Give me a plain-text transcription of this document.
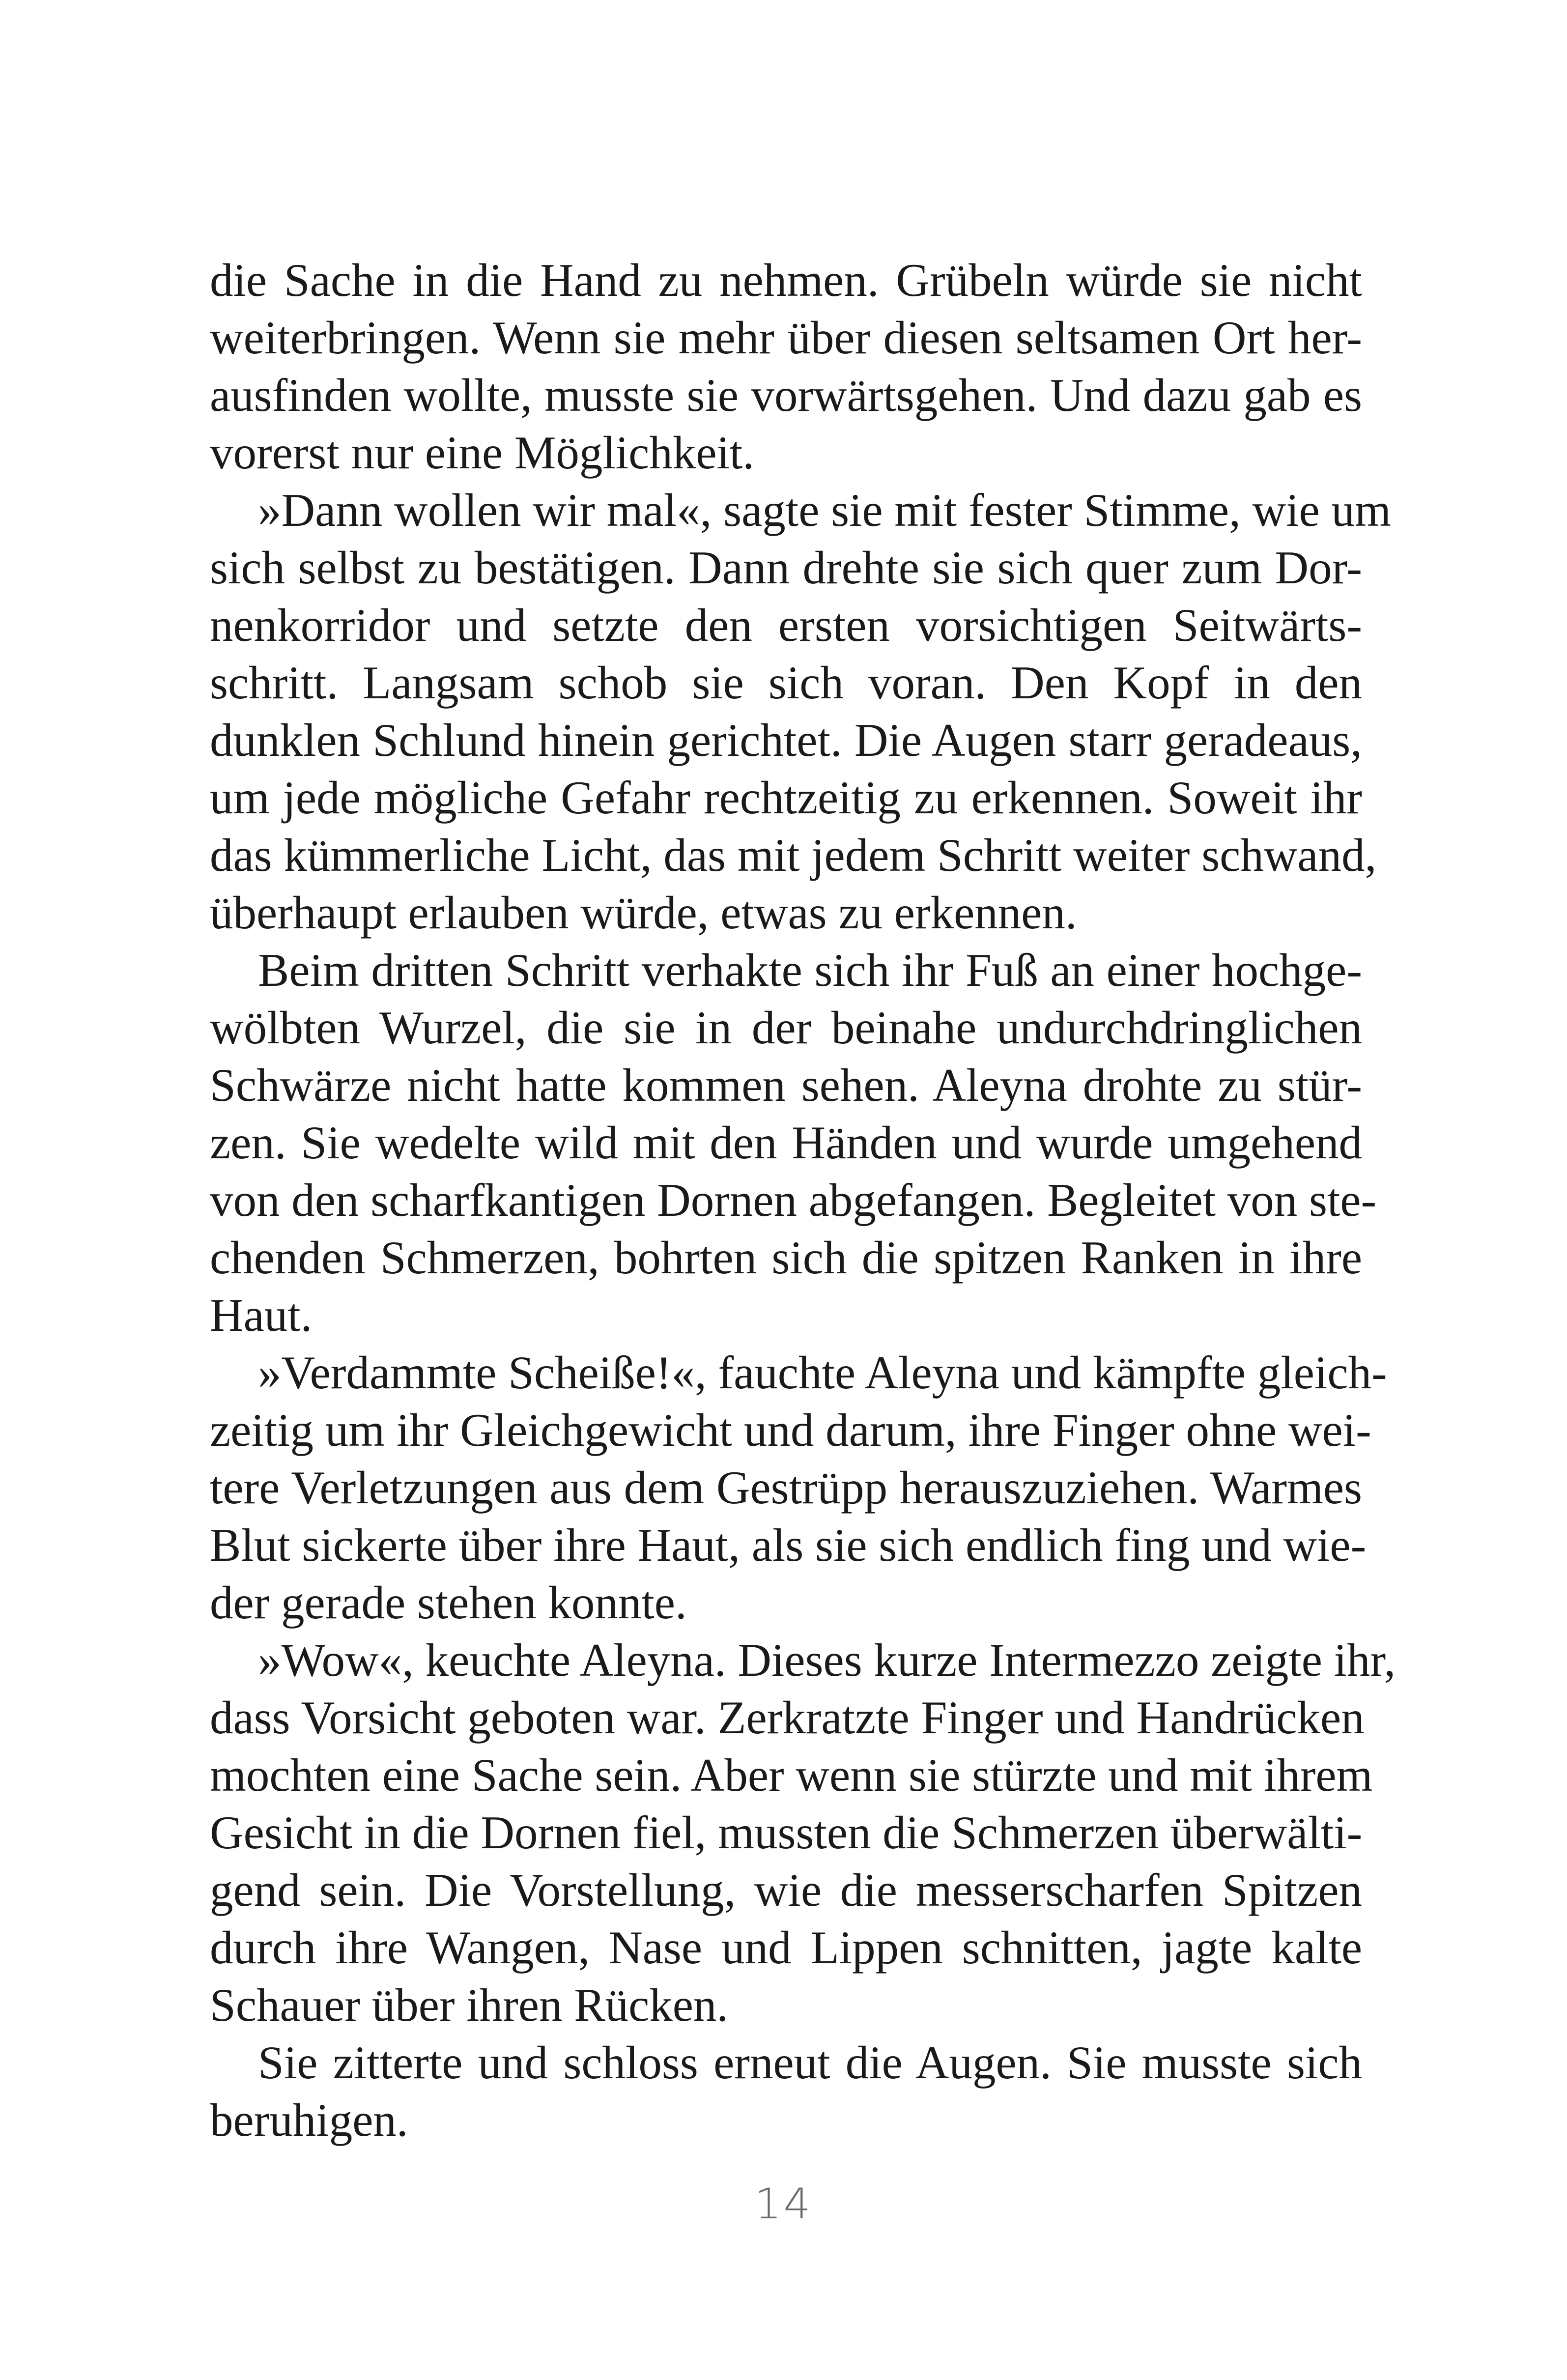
die Sache in die Hand zu nehmen. Grübeln würde sie nicht
weiterbringen. Wenn sie mehr über diesen seltsamen Ort her-
ausfinden wollte, musste sie vorwärtsgehen. Und dazu gab es
vorerst nur eine Möglichkeit.
»Dann wollen wir mal«, sagte sie mit fester Stimme, wie um
sich selbst zu bestätigen. Dann drehte sie sich quer zum Dor-
nenkorridor und setzte den ersten vorsichtigen Seitwärts-
schritt. Langsam schob sie sich voran. Den Kopf in den
dunklen Schlund hinein gerichtet. Die Augen starr geradeaus,
um jede mögliche Gefahr rechtzeitig zu erkennen. Soweit ihr
das kümmerliche Licht, das mit jedem Schritt weiter schwand,
überhaupt erlauben würde, etwas zu erkennen.
Beim dritten Schritt verhakte sich ihr Fuß an einer hochge-
wölbten Wurzel, die sie in der beinahe undurchdringlichen
Schwärze nicht hatte kommen sehen. Aleyna drohte zu stür-
zen. Sie wedelte wild mit den Händen und wurde umgehend
von den scharfkantigen Dornen abgefangen. Begleitet von ste-
chenden Schmerzen, bohrten sich die spitzen Ranken in ihre
Haut.
»Verdammte Scheiße!«, fauchte Aleyna und kämpfte gleich-
zeitig um ihr Gleichgewicht und darum, ihre Finger ohne wei-
tere Verletzungen aus dem Gestrüpp herauszuziehen. Warmes
Blut sickerte über ihre Haut, als sie sich endlich fing und wie-
der gerade stehen konnte.
»Wow«, keuchte Aleyna. Dieses kurze Intermezzo zeigte ihr,
dass Vorsicht geboten war. Zerkratzte Finger und Handrücken
mochten eine Sache sein. Aber wenn sie stürzte und mit ihrem
Gesicht in die Dornen fiel, mussten die Schmerzen überwälti-
gend sein. Die Vorstellung, wie die messerscharfen Spitzen
durch ihre Wangen, Nase und Lippen schnitten, jagte kalte
Schauer über ihren Rücken.
Sie zitterte und schloss erneut die Augen. Sie musste sich
beruhigen.
14
